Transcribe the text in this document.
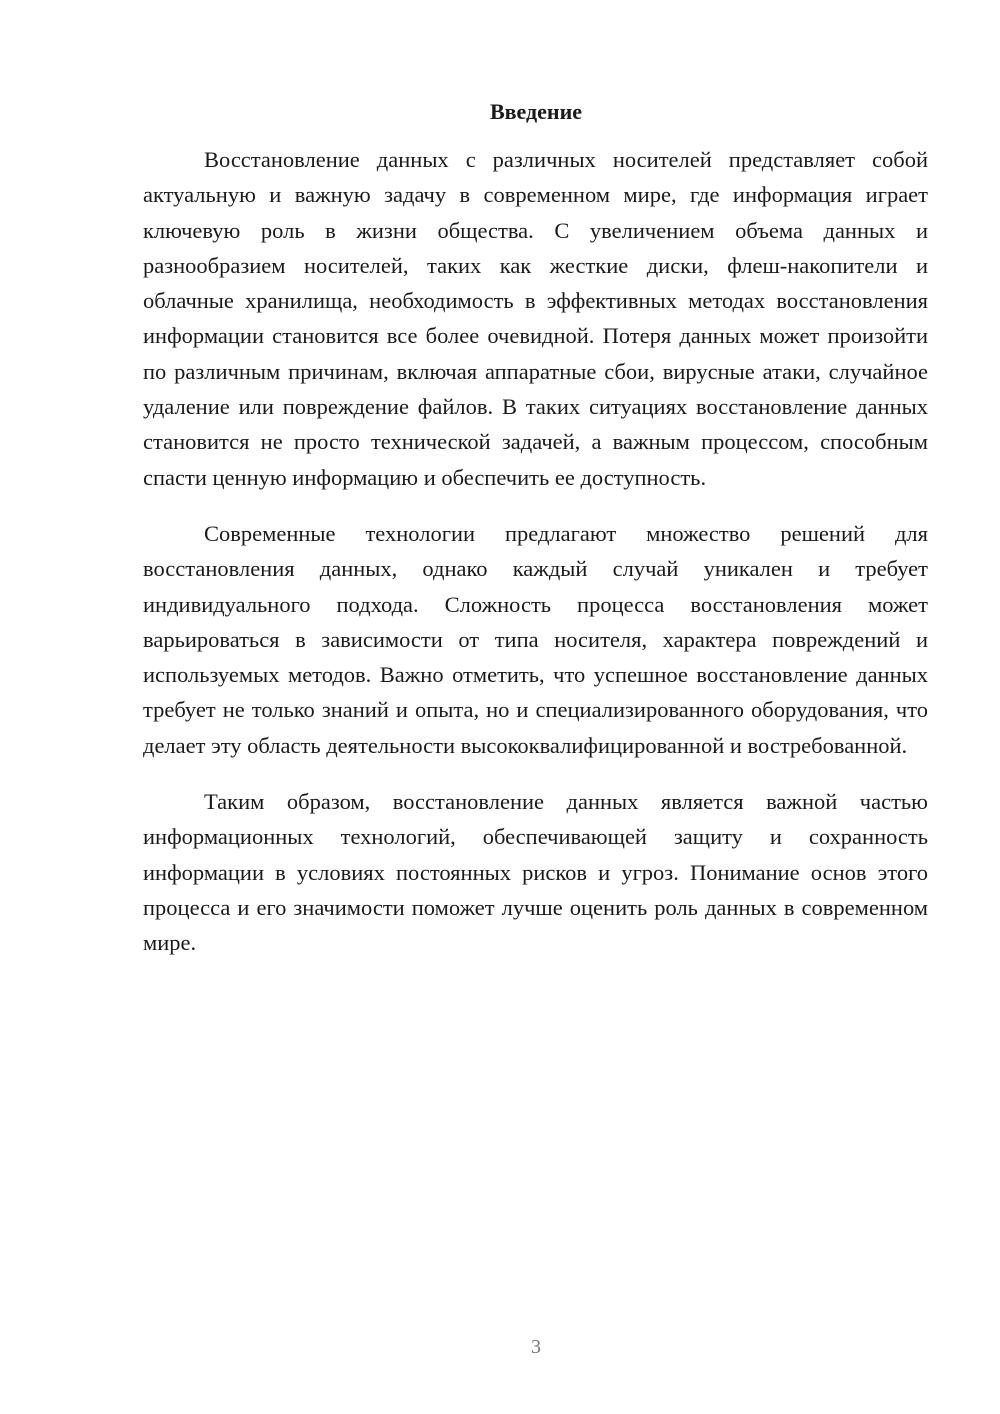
Введение

Восстановление данных с различных носителей представляет собой актуальную и важную задачу в современном мире, где информация играет ключевую роль в жизни общества. С увеличением объема данных и разнообразием носителей, таких как жесткие диски, флеш-накопители и облачные хранилища, необходимость в эффективных методах восстановления информации становится все более очевидной. Потеря данных может произойти по различным причинам, включая аппаратные сбои, вирусные атаки, случайное удаление или повреждение файлов. В таких ситуациях восстановление данных становится не просто технической задачей, а важным процессом, способным спасти ценную информацию и обеспечить ее доступность.

Современные технологии предлагают множество решений для восстановления данных, однако каждый случай уникален и требует индивидуального подхода. Сложность процесса восстановления может варьироваться в зависимости от типа носителя, характера повреждений и используемых методов. Важно отметить, что успешное восстановление данных требует не только знаний и опыта, но и специализированного оборудования, что делает эту область деятельности высококвалифицированной и востребованной.

Таким образом, восстановление данных является важной частью информационных технологий, обеспечивающей защиту и сохранность информации в условиях постоянных рисков и угроз. Понимание основ этого процесса и его значимости поможет лучше оценить роль данных в современном мире.

3
